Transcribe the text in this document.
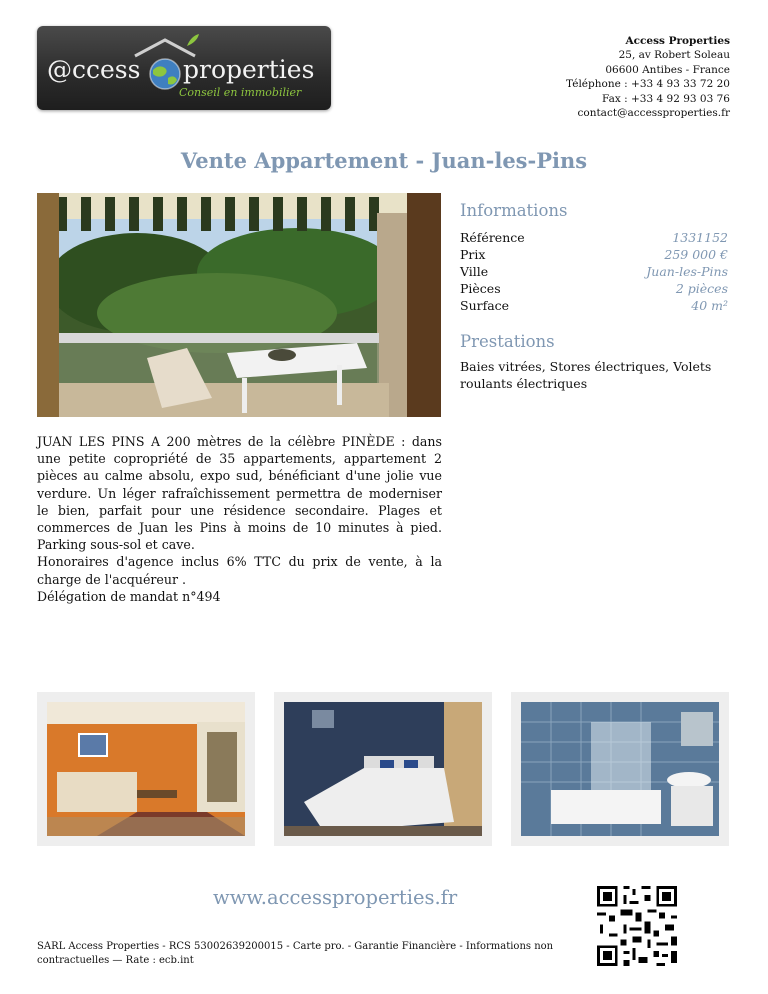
@ccess properties
Conseil en immobilier
Access Properties
25, av Robert Soleau
06600 Antibes - France
Téléphone : +33 4 93 33 72 20
Fax : +33 4 92 93 03 76
contact@accessproperties.fr
Vente Appartement - Juan-les-Pins
Informations
Référence	1331152
Prix	259 000 €
Ville	Juan-les-Pins
Pièces	2 pièces
Surface	40 m²
Prestations
Baies vitrées, Stores électriques, Volets roulants électriques

JUAN LES PINS A 200 mètres de la célèbre PINÈDE : dans une petite copropriété de 35 appartements, appartement 2 pièces au calme absolu, expo sud, bénéficiant d'une jolie vue verdure. Un léger rafraîchissement permettra de moderniser le bien, parfait pour une résidence secondaire. Plages et commerces de Juan les Pins à moins de 10 minutes à pied. Parking sous-sol et cave.

Honoraires d'agence inclus 6% TTC du prix de vente, à la charge de l'acquéreur .

Délégation de mandat n°494

www.accessproperties.fr
SARL Access Properties - RCS 53002639200015 - Carte pro. - Garantie Financière - Informations non contractuelles — Rate : ecb.int
